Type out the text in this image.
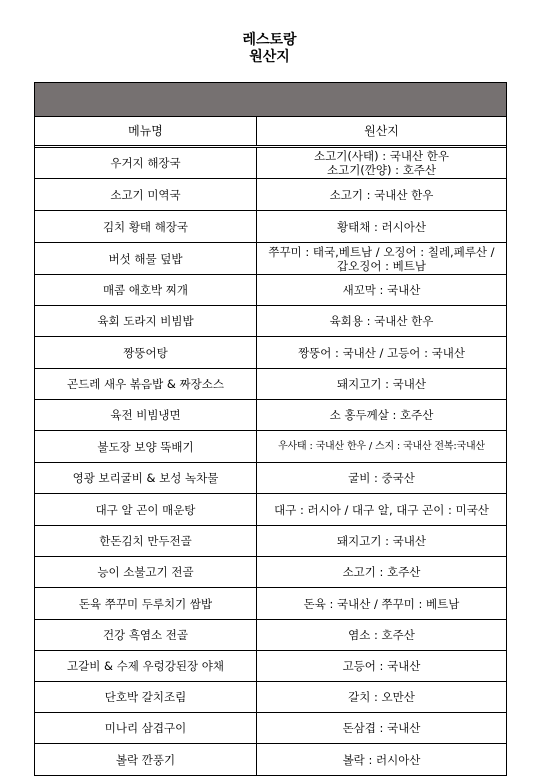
레스토랑
원산지
메뉴명	원산지
우거지 해장국	소고기(사태) : 국내산 한우
소고기(깐양) : 호주산
소고기 미역국	소고기 : 국내산 한우
김치 황태 해장국	황태채 : 러시아산
버섯 해물 덮밥	쭈꾸미 : 태국,베트남 / 오징어 : 칠레,페루산 /
갑오징어 : 베트남
매콤 애호박 찌개	새꼬막 : 국내산
육회 도라지 비빔밥	육회용 : 국내산 한우
짱뚱어탕	짱뚱어 : 국내산 / 고등어 : 국내산
곤드레 새우 볶음밥 & 짜장소스	돼지고기 : 국내산
육전 비빔냉면	소 홍두께살 : 호주산
불도장 보양 뚝배기	우사태 : 국내산 한우 / 스지 : 국내산 전복:국내산
영광 보리굴비 & 보성 녹차물	굴비 : 중국산
대구 알 곤이 매운탕	대구 : 러시아 / 대구 알, 대구 곤이 : 미국산
한돈김치 만두전골	돼지고기 : 국내산
능이 소불고기 전골	소고기 : 호주산
돈육 쭈꾸미 두루치기 쌈밥	돈육 : 국내산 / 쭈꾸미 : 베트남
건강 흑염소 전골	염소 : 호주산
고갈비 & 수제 우렁강된장 야채	고등어 : 국내산
단호박 갈치조림	갈치 : 오만산
미나리 삼겹구이	돈삼겹 : 국내산
볼락 깐풍기	볼락 : 러시아산
